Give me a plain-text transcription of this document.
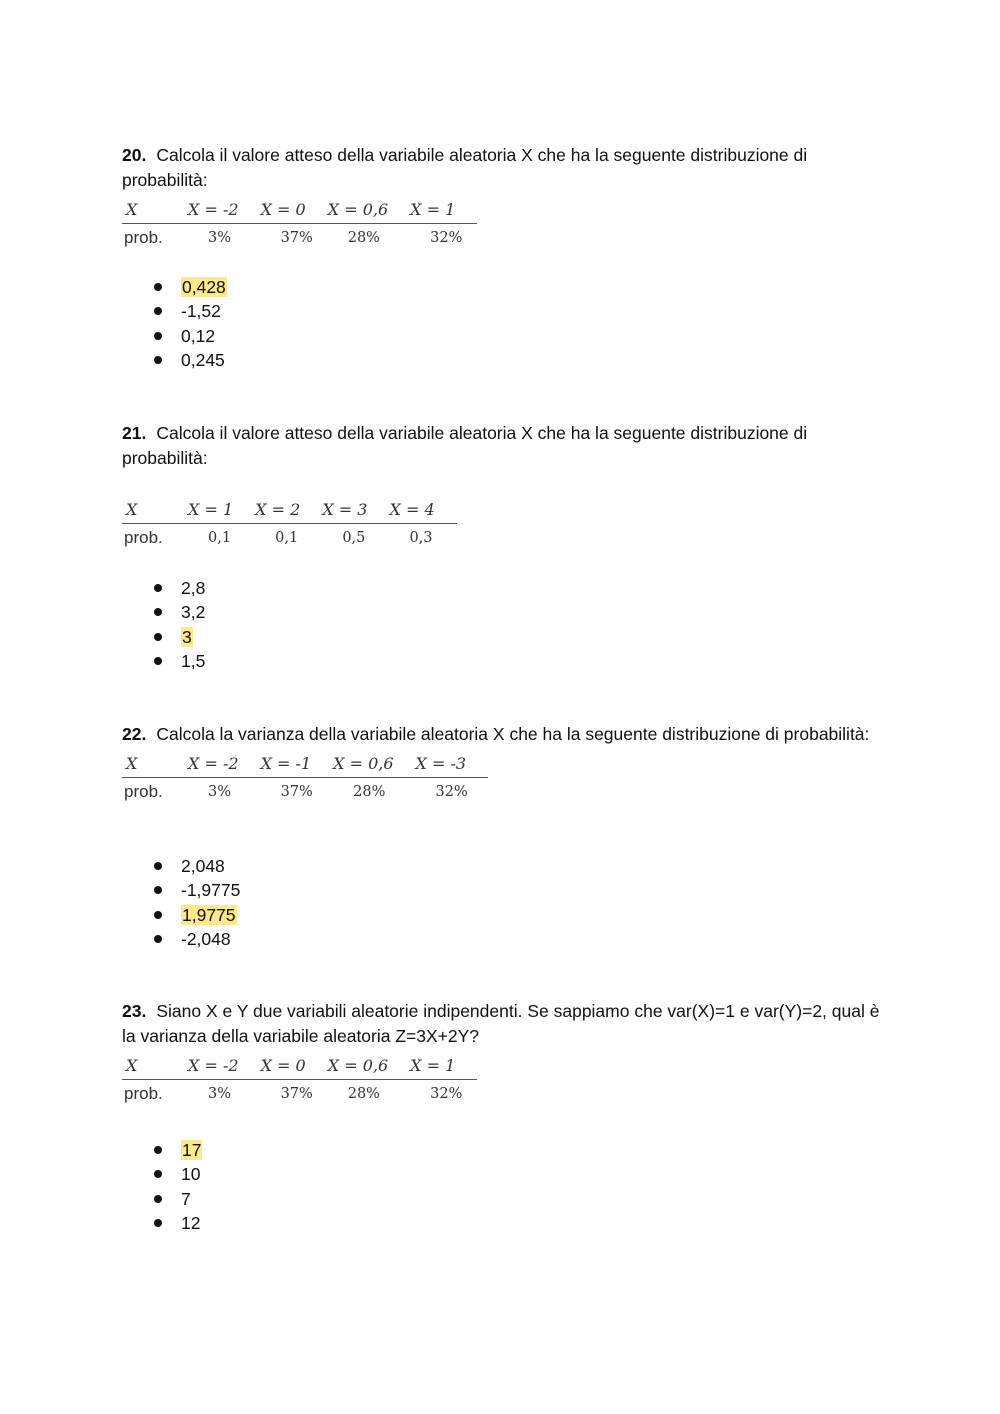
20. Calcola il valore atteso della variabile aleatoria X che ha la seguente distribuzione di probabilità:

X	X = -2	X = 0	X = 0,6	X = 1
prob.	3%	37%	28%	32%
0,428
-1,52
0,12
0,245

21. Calcola il valore atteso della variabile aleatoria X che ha la seguente distribuzione di probabilità:

X	X = 1	X = 2	X = 3	X = 4
prob.	0,1	0,1	0,5	0,3
2,8
3,2
3
1,5

22. Calcola la varianza della variabile aleatoria X che ha la seguente distribuzione di probabilità:

X	X = -2	X = -1	X = 0,6	X = -3
prob.	3%	37%	28%	32%
2,048
-1,9775
1,9775
-2,048

23. Siano X e Y due variabili aleatorie indipendenti. Se sappiamo che var(X)=1 e var(Y)=2, qual è la varianza della variabile aleatoria Z=3X+2Y?

X	X = -2	X = 0	X = 0,6	X = 1
prob.	3%	37%	28%	32%
17
10
7
12
